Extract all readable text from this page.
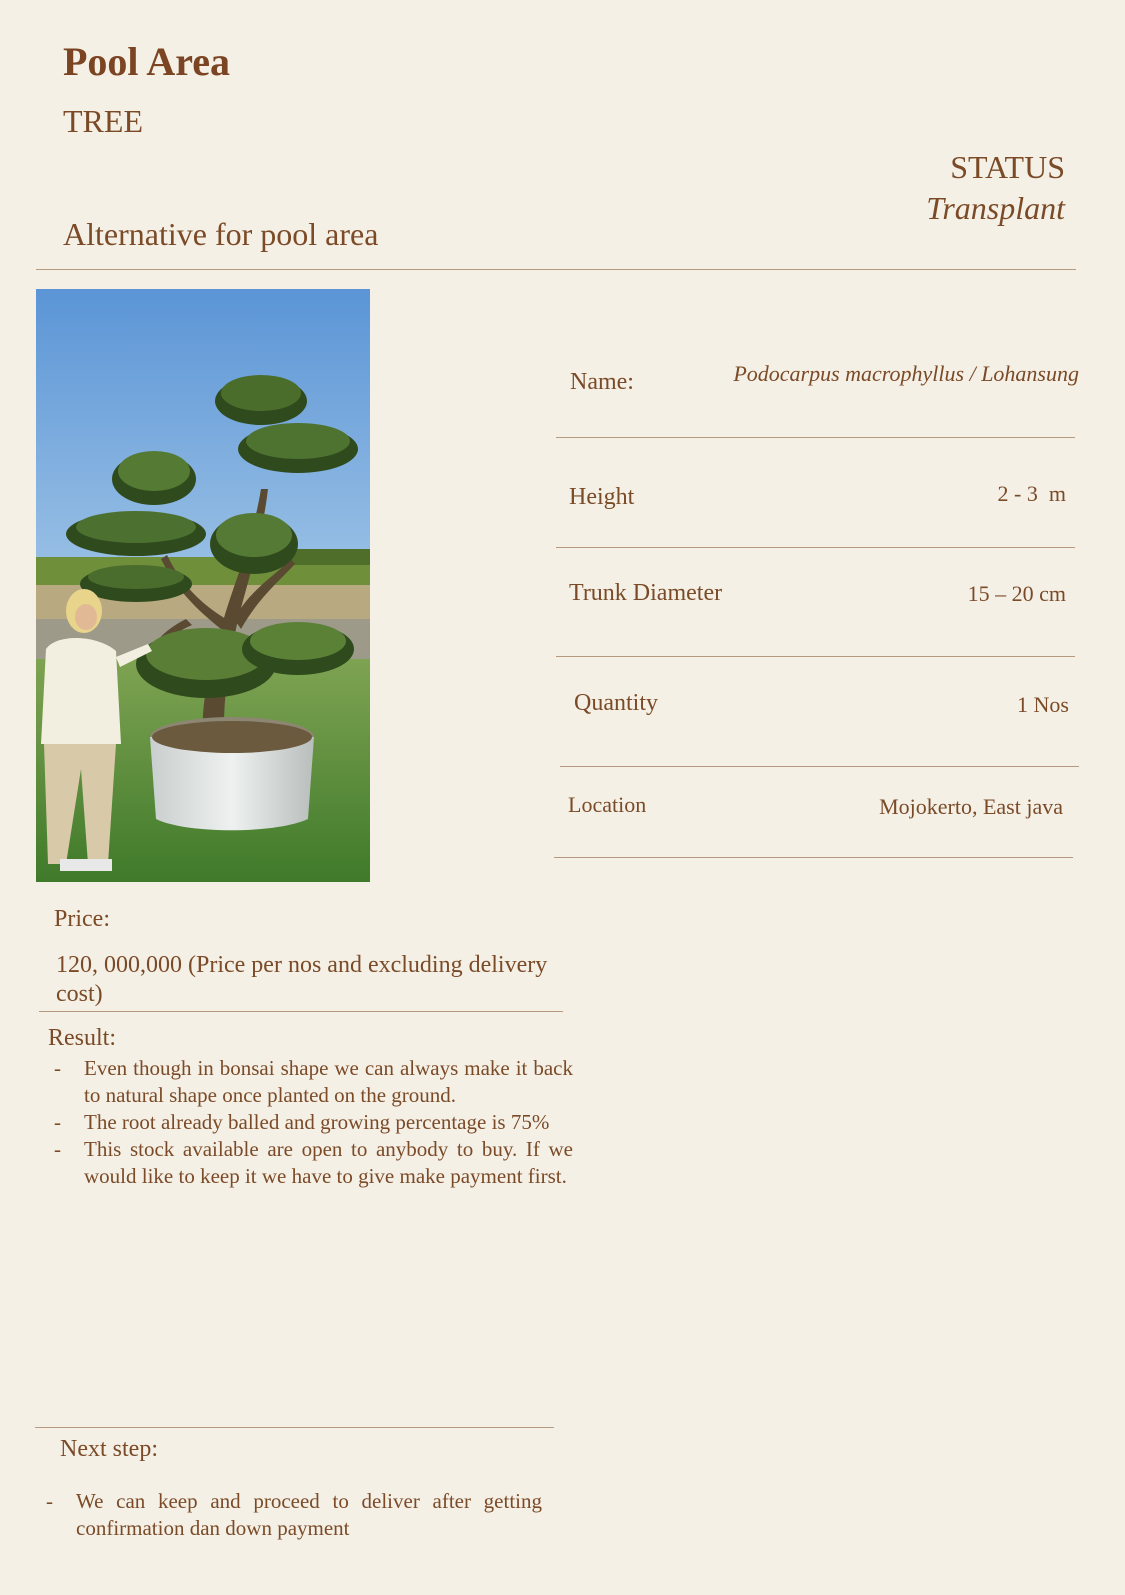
Pool Area
TREE
STATUS
Transplant
Alternative for pool area
Name:	Podocarpus macrophyllus / Lohansung
Height	2 - 3  m
Trunk Diameter	15 – 20 cm
Quantity	1 Nos
Location	Mojokerto, East java
Price:
120, 000,000 (Price per nos and excluding delivery cost)
Result:
- Even though in bonsai shape we can always make it back to natural shape once planted on the ground.
- The root already balled and growing percentage is 75%
- This stock available are open to anybody to buy. If we would like to keep it we have to give make payment first.
Next step:
- We can keep and proceed to deliver after getting confirmation dan down payment
